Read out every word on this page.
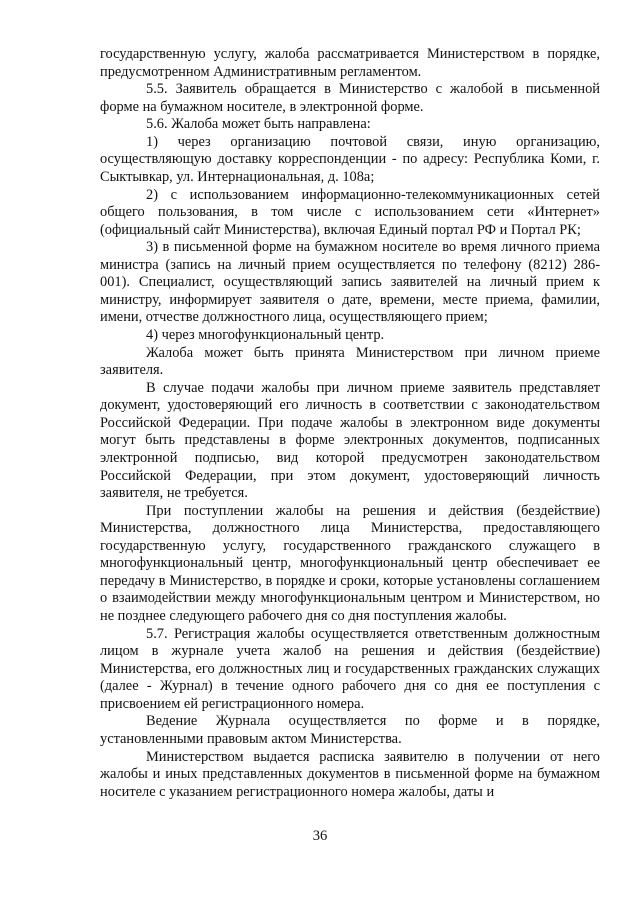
государственную услугу, жалоба рассматривается Министерством в порядке, предусмотренном Административным регламентом.

5.5. Заявитель обращается в Министерство с жалобой в письменной форме на бумажном носителе, в электронной форме.

5.6. Жалоба может быть направлена:

1) через организацию почтовой связи, иную организацию, осуществляющую доставку корреспонденции - по адресу: Республика Коми, г. Сыктывкар, ул. Интернациональная, д. 108а;

2) с использованием информационно-телекоммуникационных сетей общего пользования, в том числе с использованием сети «Интернет» (официальный сайт Министерства), включая Единый портал РФ и Портал РК;

3) в письменной форме на бумажном носителе во время личного приема министра (запись на личный прием осуществляется по телефону (8212) 286-001). Специалист, осуществляющий запись заявителей на личный прием к министру, информирует заявителя о дате, времени, месте приема, фамилии, имени, отчестве должностного лица, осуществляющего прием;

4) через многофункциональный центр.

Жалоба может быть принята Министерством при личном приеме заявителя.

В случае подачи жалобы при личном приеме заявитель представляет документ, удостоверяющий его личность в соответствии с законодательством Российской Федерации. При подаче жалобы в электронном виде документы могут быть представлены в форме электронных документов, подписанных электронной подписью, вид которой предусмотрен законодательством Российской Федерации, при этом документ, удостоверяющий личность заявителя, не требуется.

При поступлении жалобы на решения и действия (бездействие) Министерства, должностного лица Министерства, предоставляющего государственную услугу, государственного гражданского служащего в многофункциональный центр, многофункциональный центр обеспечивает ее передачу в Министерство, в порядке и сроки, которые установлены соглашением о взаимодействии между многофункциональным центром и Министерством, но не позднее следующего рабочего дня со дня поступления жалобы.

5.7. Регистрация жалобы осуществляется ответственным должностным лицом в журнале учета жалоб на решения и действия (бездействие) Министерства, его должностных лиц и государственных гражданских служащих (далее - Журнал) в течение одного рабочего дня со дня ее поступления с присвоением ей регистрационного номера.

Ведение Журнала осуществляется по форме и в порядке, установленными правовым актом Министерства.

Министерством выдается расписка заявителю в получении от него жалобы и иных представленных документов в письменной форме на бумажном носителе с указанием регистрационного номера жалобы, даты и

36
